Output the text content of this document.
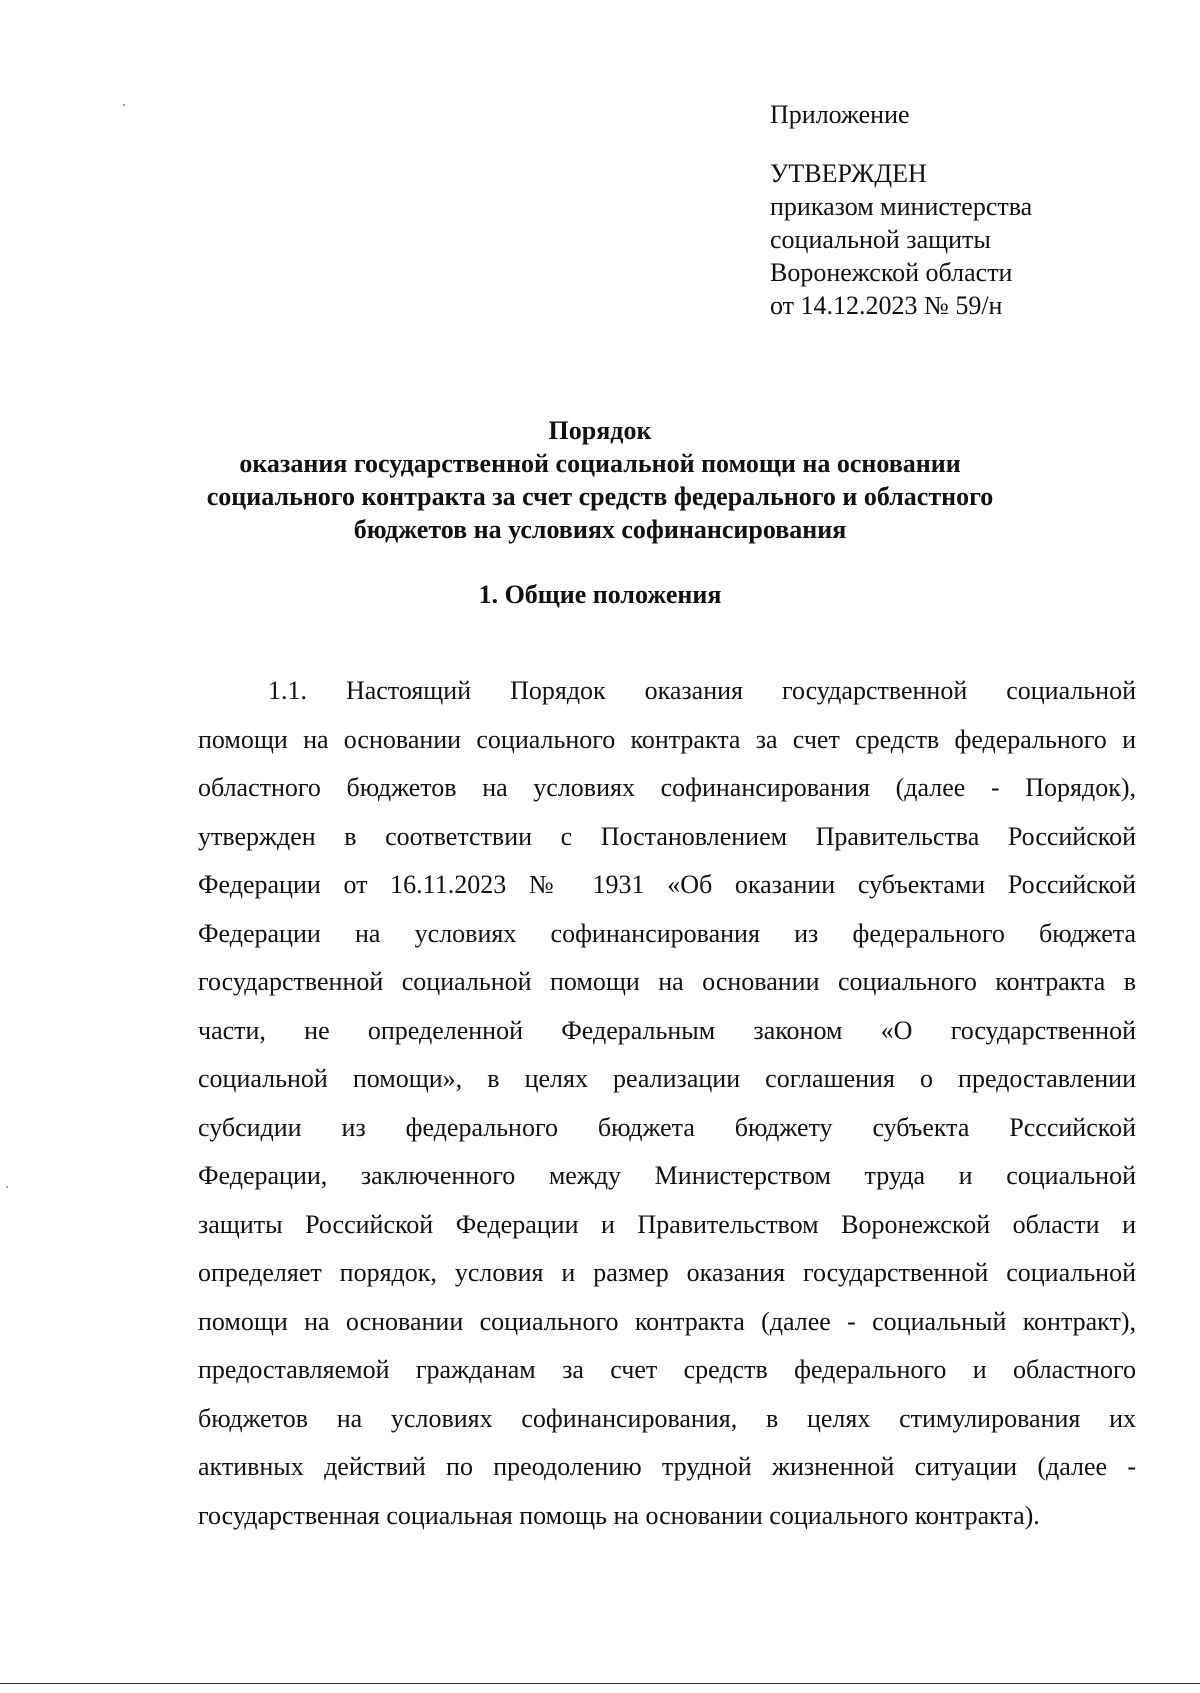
Приложение
УТВЕРЖДЕН
приказом министерства
социальной защиты
Воронежской области
от 14.12.2023 № 59/н
Порядок
оказания государственной социальной помощи на основании
социального контракта за счет средств федерального и областного
бюджетов на условиях софинансирования
1. Общие положения
1.1. Настоящий Порядок оказания государственной социальной
помощи на основании социального контракта за счет средств федерального и
областного бюджетов на условиях софинансирования (далее - Порядок),
утвержден в соответствии с Постановлением Правительства Российской
Федерации от 16.11.2023 № 1931 «Об оказании субъектами Российской
Федерации на условиях софинансирования из федерального бюджета
государственной социальной помощи на основании социального контракта в
части, не определенной Федеральным законом «О государственной
социальной помощи», в целях реализации соглашения о предоставлении
субсидии из федерального бюджета бюджету субъекта Рсссийской
Федерации, заключенного между Министерством труда и социальной
защиты Российской Федерации и Правительством Воронежской области и
определяет порядок, условия и размер оказания государственной социальной
помощи на основании социального контракта (далее - социальный контракт),
предоставляемой гражданам за счет средств федерального и областного
бюджетов на условиях софинансирования, в целях стимулирования их
активных действий по преодолению трудной жизненной ситуации (далее -
государственная социальная помощь на основании социального контракта).
